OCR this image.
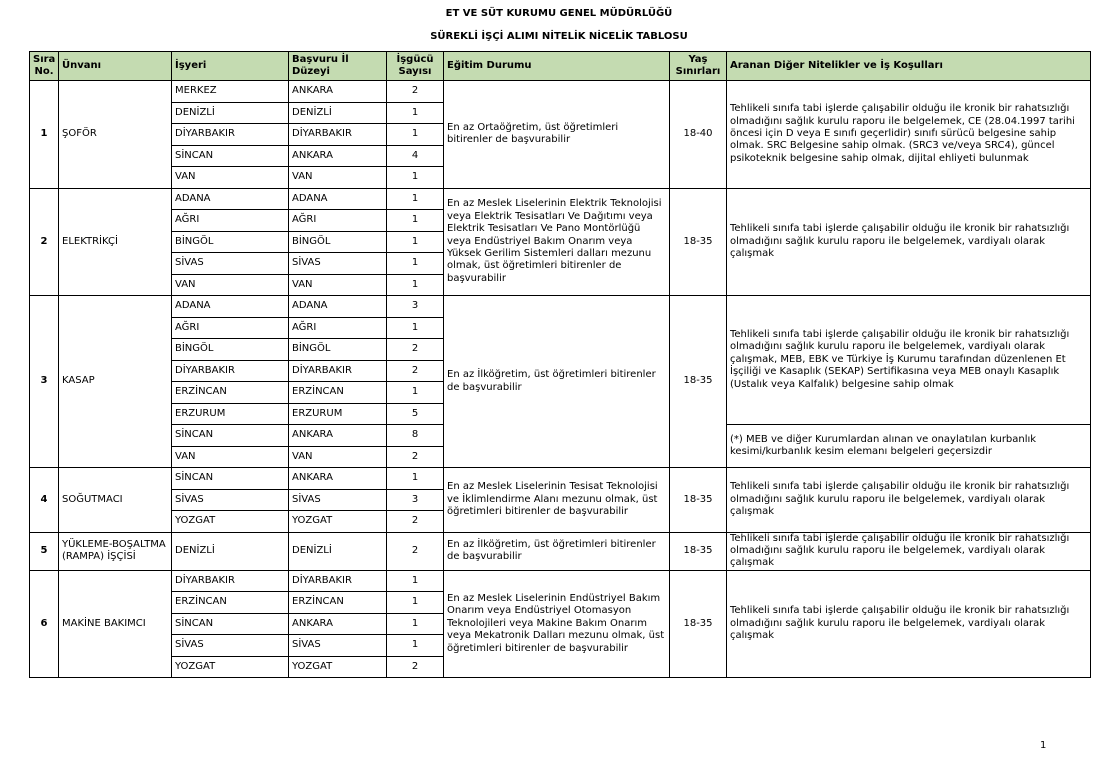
ET VE SÜT KURUMU GENEL MÜDÜRLÜĞÜ
SÜREKLİ İŞÇİ ALIMI NİTELİK NİCELİK TABLOSU
Sıra No.	Ünvanı	İşyeri	Başvuru İl Düzeyi	İşgücü Sayısı	Eğitim Durumu	Yaş Sınırları	Aranan Diğer Nitelikler ve İş Koşulları
1	ŞOFÖR	MERKEZ	ANKARA	2	En az Ortaöğretim, üst öğretimleri bitirenler de başvurabilir	18-40	Tehlikeli sınıfa tabi işlerde çalışabilir olduğu ile kronik bir rahatsızlığı olmadığını sağlık kurulu raporu ile belgelemek, CE (28.04.1997 tarihi öncesi için D veya E sınıfı geçerlidir) sınıfı sürücü belgesine sahip olmak. SRC Belgesine sahip olmak. (SRC3 ve/veya SRC4), güncel psikoteknik belgesine sahip olmak, dijital ehliyeti bulunmak
		DENİZLİ	DENİZLİ	1			
		DİYARBAKIR	DİYARBAKIR	1			
		SİNCAN	ANKARA	4			
		VAN	VAN	1			
2	ELEKTRİKÇİ	ADANA	ADANA	1	En az Meslek Liselerinin Elektrik Teknolojisi veya Elektrik Tesisatları Ve Dağıtımı veya Elektrik Tesisatları Ve Pano Montörlüğü veya Endüstriyel Bakım Onarım veya Yüksek Gerilim Sistemleri dalları mezunu olmak, üst öğretimleri bitirenler de başvurabilir	18-35	Tehlikeli sınıfa tabi işlerde çalışabilir olduğu ile kronik bir rahatsızlığı olmadığını sağlık kurulu raporu ile belgelemek, vardiyalı olarak çalışmak
		AĞRI	AĞRI	1			
		BİNGÖL	BİNGÖL	1			
		SİVAS	SİVAS	1			
		VAN	VAN	1			
3	KASAP	ADANA	ADANA	3	En az İlköğretim, üst öğretimleri bitirenler de başvurabilir	18-35	Tehlikeli sınıfa tabi işlerde çalışabilir olduğu ile kronik bir rahatsızlığı olmadığını sağlık kurulu raporu ile belgelemek, vardiyalı olarak çalışmak, MEB, EBK ve Türkiye İş Kurumu tarafından düzenlenen Et İşçiliği ve Kasaplık (SEKAP) Sertifikasına veya MEB onaylı Kasaplık (Ustalık veya Kalfalık) belgesine sahip olmak
		AĞRI	AĞRI	1			
		BİNGÖL	BİNGÖL	2			
		DİYARBAKIR	DİYARBAKIR	2			
		ERZİNCAN	ERZİNCAN	1			
		ERZURUM	ERZURUM	5			
		SİNCAN	ANKARA	8			(*) MEB ve diğer Kurumlardan alınan ve onaylatılan kurbanlık kesimi/kurbanlık kesim elemanı belgeleri geçersizdir
		VAN	VAN	2			
4	SOĞUTMACI	SİNCAN	ANKARA	1	En az Meslek Liselerinin Tesisat Teknolojisi ve İklimlendirme Alanı mezunu olmak, üst öğretimleri bitirenler de başvurabilir	18-35	Tehlikeli sınıfa tabi işlerde çalışabilir olduğu ile kronik bir rahatsızlığı olmadığını sağlık kurulu raporu ile belgelemek, vardiyalı olarak çalışmak
		SİVAS	SİVAS	3			
		YOZGAT	YOZGAT	2			
5	YÜKLEME-BOŞALTMA (RAMPA) İŞÇİSİ	DENİZLİ	DENİZLİ	2	En az İlköğretim, üst öğretimleri bitirenler de başvurabilir	18-35	Tehlikeli sınıfa tabi işlerde çalışabilir olduğu ile kronik bir rahatsızlığı olmadığını sağlık kurulu raporu ile belgelemek, vardiyalı olarak çalışmak
6	MAKİNE BAKIMCI	DİYARBAKIR	DİYARBAKIR	1	En az Meslek Liselerinin Endüstriyel Bakım Onarım veya Endüstriyel Otomasyon Teknolojileri veya Makine Bakım Onarım veya Mekatronik Dalları mezunu olmak, üst öğretimleri bitirenler de başvurabilir	18-35	Tehlikeli sınıfa tabi işlerde çalışabilir olduğu ile kronik bir rahatsızlığı olmadığını sağlık kurulu raporu ile belgelemek, vardiyalı olarak çalışmak
		ERZİNCAN	ERZİNCAN	1			
		SİNCAN	ANKARA	1			
		SİVAS	SİVAS	1			
		YOZGAT	YOZGAT	2			
1
